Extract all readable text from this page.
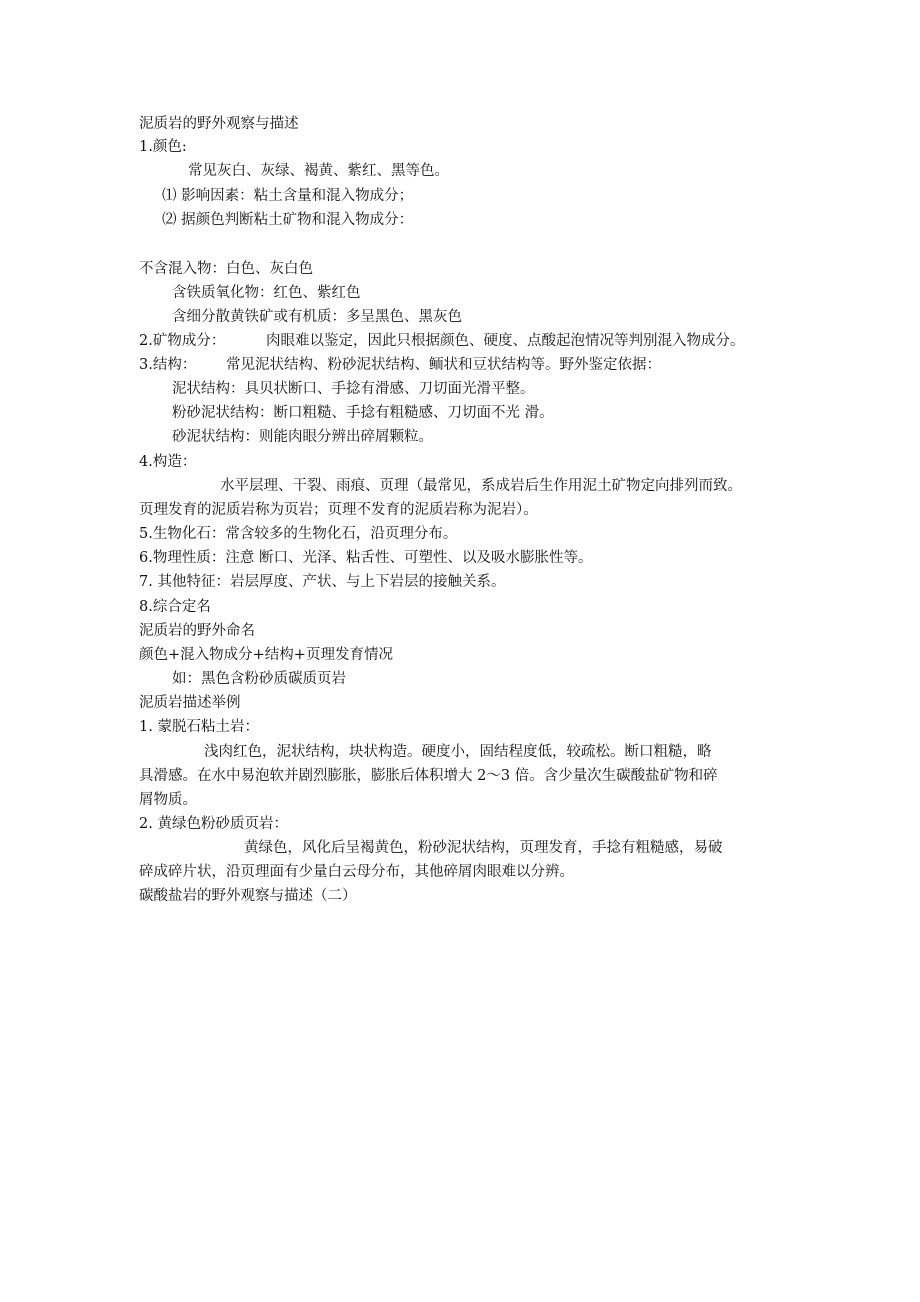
泥质岩的野外观察与描述
1.颜色:
常见灰白、灰绿、褐黄、紫红、黑等色。
⑴ 影响因素：粘土含量和混入物成分；
⑵ 据颜色判断粘土矿物和混入物成分：
不含混入物：白色、灰白色
含铁质氧化物：红色、紫红色
含细分散黄铁矿或有机质：多呈黑色、黑灰色
2.矿物成分：	肉眼难以鉴定，因此只根据颜色、硬度、点酸起泡情况等判别混入物成分。
3.结构： 常见泥状结构、粉砂泥状结构、鲕状和豆状结构等。野外鉴定依据：
泥状结构：具贝状断口、手捻有滑感、刀切面光滑平整。
粉砂泥状结构：断口粗糙、手捻有粗糙感、刀切面不光 滑。
砂泥状结构：则能肉眼分辨出碎屑颗粒。
4.构造：
水平层理、干裂、雨痕、页理（最常见，系成岩后生作用泥土矿物定向排列而致。
页理发育的泥质岩称为页岩；页理不发育的泥质岩称为泥岩）。
5.生物化石：常含较多的生物化石，沿页理分布。
6.物理性质：注意 断口、光泽、粘舌性、可塑性、以及吸水膨胀性等。
7. 其他特征：岩层厚度、产状、与上下岩层的接触关系。
8.综合定名
泥质岩的野外命名
颜色+混入物成分+结构+页理发育情况
如：黑色含粉砂质碳质页岩
泥质岩描述举例
1. 蒙脱石粘土岩：
浅肉红色，泥状结构，块状构造。硬度小，固结程度低，较疏松。断口粗糙，略
具滑感。在水中易泡软并剧烈膨胀，膨胀后体积增大 2～3 倍。含少量次生碳酸盐矿物和碎
屑物质。
2. 黄绿色粉砂质页岩：
黄绿色，风化后呈褐黄色，粉砂泥状结构，页理发育，手捻有粗糙感，易破
碎成碎片状，沿页理面有少量白云母分布，其他碎屑肉眼难以分辨。
碳酸盐岩的野外观察与描述（二）
